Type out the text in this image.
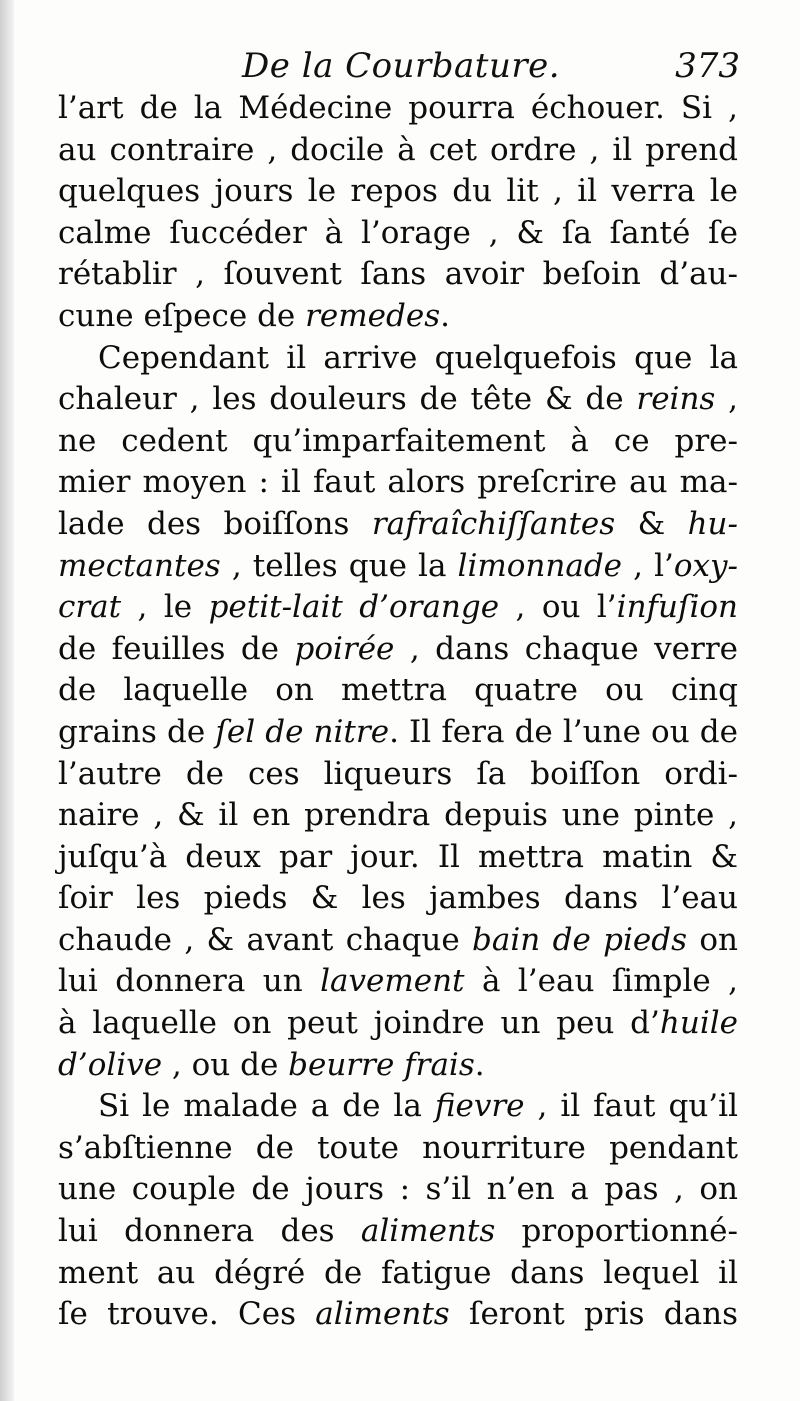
De la Courbature.	373
l’art de la Médecine pourra échouer. Si ,
au contraire , docile à cet ordre , il prend
quelques jours le repos du lit , il verra le
calme ſuccéder à l’orage , & ſa ſanté ſe
rétablir , ſouvent ſans avoir beſoin d’au-
cune eſpece de remedes.
Cependant il arrive quelquefois que la
chaleur , les douleurs de tête & de reins ,
ne cedent qu’imparfaitement à ce pre-
mier moyen : il faut alors preſcrire au ma-
lade des boiſſons rafraîchiſſantes & hu-
mectantes , telles que la limonnade , l’oxy-
crat , le petit-lait d’orange , ou l’infuſion
de feuilles de poirée , dans chaque verre
de laquelle on mettra quatre ou cinq
grains de ſel de nitre. Il fera de l’une ou de
l’autre de ces liqueurs ſa boiſſon ordi-
naire , & il en prendra depuis une pinte ,
juſqu’à deux par jour. Il mettra matin &
ſoir les pieds & les jambes dans l’eau
chaude , & avant chaque bain de pieds on
lui donnera un lavement à l’eau ſimple ,
à laquelle on peut joindre un peu d’huile
d’olive , ou de beurre frais.
Si le malade a de la fievre , il faut qu’il
s’abſtienne de toute nourriture pendant
une couple de jours : s’il n’en a pas , on
lui donnera des aliments proportionné-
ment au dégré de fatigue dans lequel il
ſe trouve. Ces aliments ſeront pris dans
